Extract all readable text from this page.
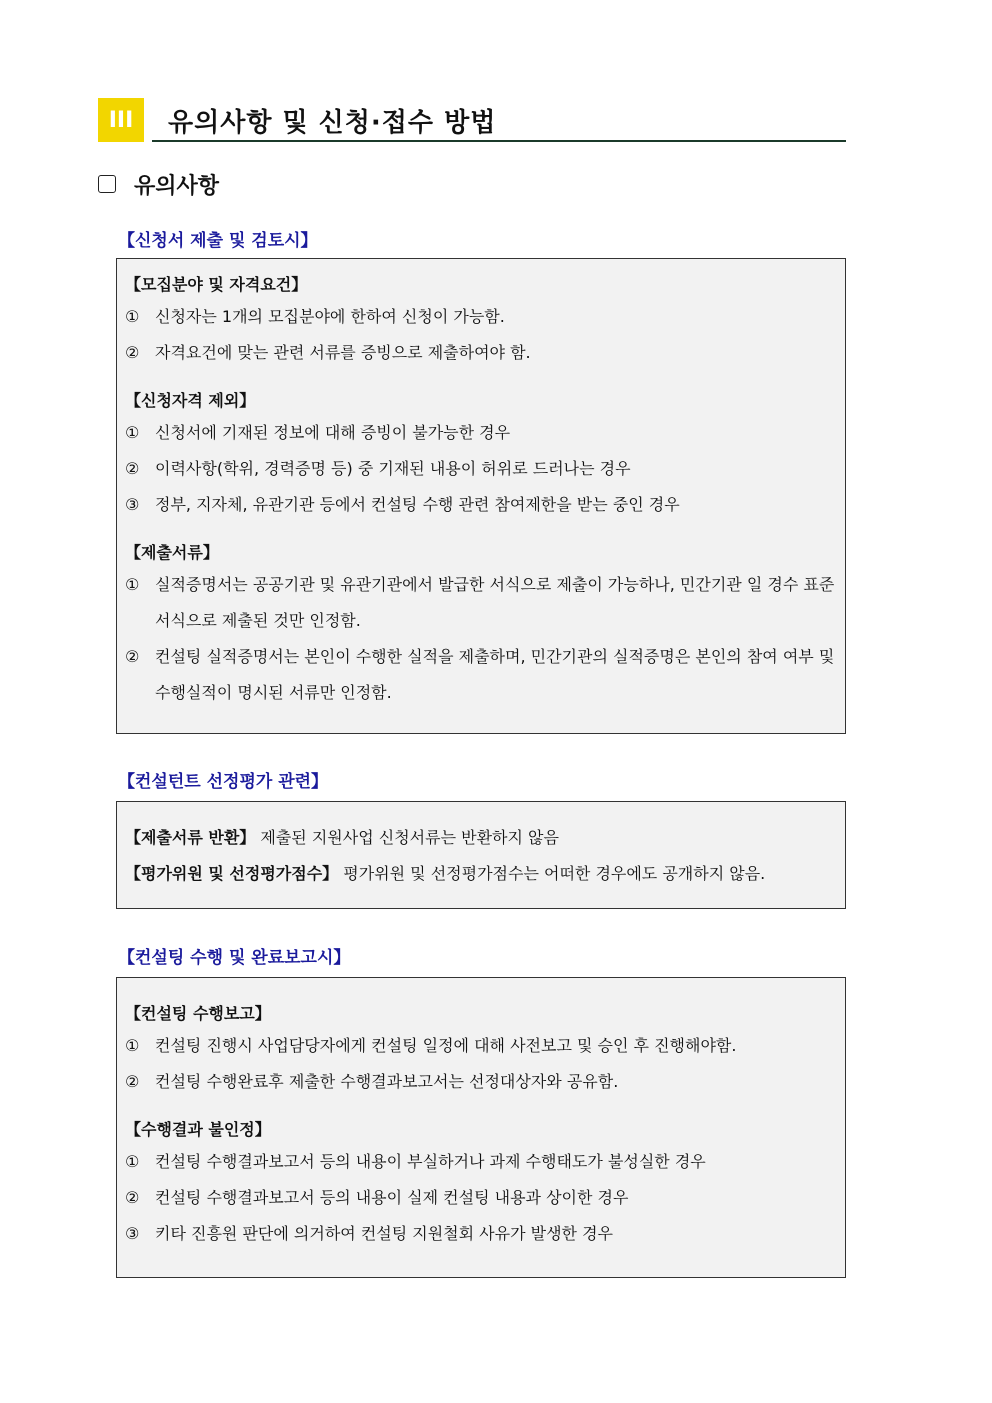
III	유의사항 및 신청·접수 방법
유의사항
【신청서 제출 및 검토시】
【모집분야 및 자격요건】
① 신청자는 1개의 모집분야에 한하여 신청이 가능함.
② 자격요건에 맞는 관련 서류를 증빙으로 제출하여야 함.
【신청자격 제외】
① 신청서에 기재된 정보에 대해 증빙이 불가능한 경우
② 이력사항(학위, 경력증명 등) 중 기재된 내용이 허위로 드러나는 경우
③ 정부, 지자체, 유관기관 등에서 컨설팅 수행 관련 참여제한을 받는 중인 경우
【제출서류】
① 실적증명서는 공공기관 및 유관기관에서 발급한 서식으로 제출이 가능하나, 민간기관 일 경수 표준서식으로 제출된 것만 인정함.
② 컨설팅 실적증명서는 본인이 수행한 실적을 제출하며, 민간기관의 실적증명은 본인의 참여 여부 및 수행실적이 명시된 서류만 인정함.
【컨설턴트 선정평가 관련】
【제출서류 반환】 제출된 지원사업 신청서류는 반환하지 않음
【평가위원 및 선정평가점수】 평가위원 및 선정평가점수는 어떠한 경우에도 공개하지 않음.
【컨설팅 수행 및 완료보고시】
【컨설팅 수행보고】
① 컨설팅 진행시 사업담당자에게 컨설팅 일정에 대해 사전보고 및 승인 후 진행해야함.
② 컨설팅 수행완료후 제출한 수행결과보고서는 선정대상자와 공유함.
【수행결과 불인정】
① 컨설팅 수행결과보고서 등의 내용이 부실하거나 과제 수행태도가 불성실한 경우
② 컨설팅 수행결과보고서 등의 내용이 실제 컨설팅 내용과 상이한 경우
③ 키타 진흥원 판단에 의거하여 컨설팅 지원철회 사유가 발생한 경우
